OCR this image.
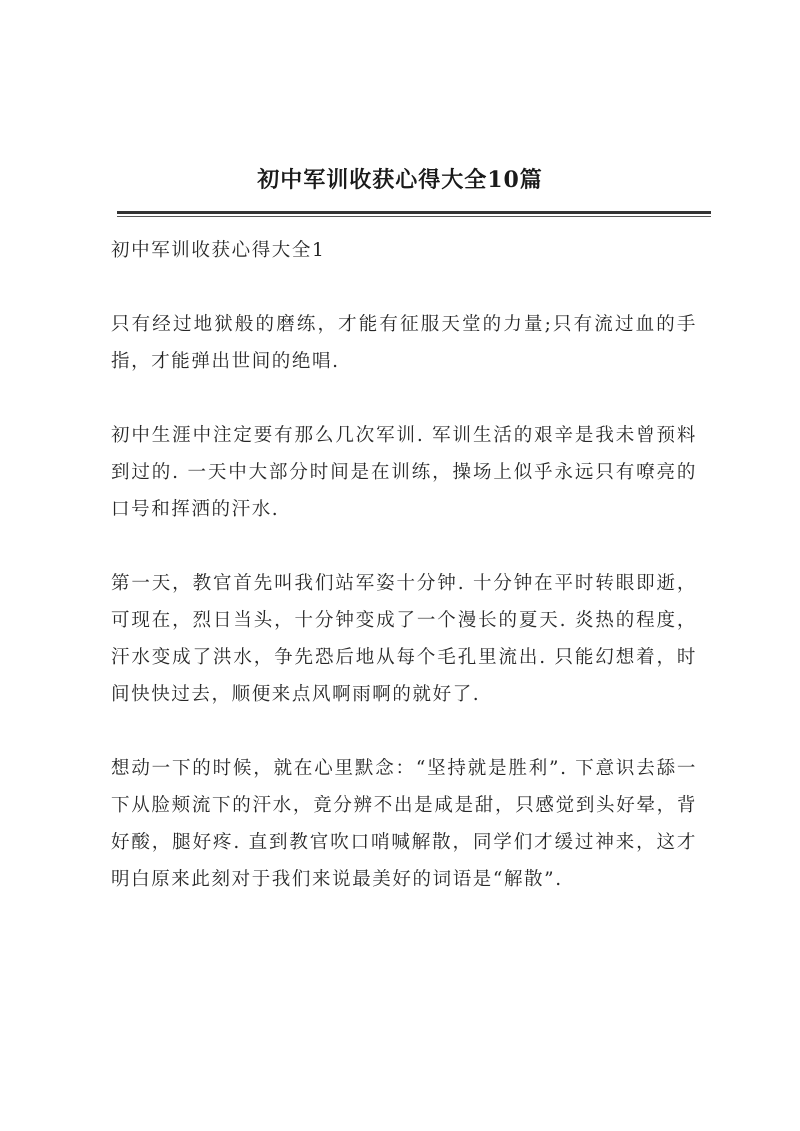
初中军训收获心得大全10篇

初中军训收获心得大全1

只有经过地狱般的磨练，才能有征服天堂的力量;只有流过血的手指，才能弹出世间的绝唱.

初中生涯中注定要有那么几次军训. 军训生活的艰辛是我未曾预料到过的. 一天中大部分时间是在训练，操场上似乎永远只有嘹亮的口号和挥洒的汗水.

第一天，教官首先叫我们站军姿十分钟. 十分钟在平时转眼即逝，可现在，烈日当头，十分钟变成了一个漫长的夏天. 炎热的程度，汗水变成了洪水，争先恐后地从每个毛孔里流出. 只能幻想着，时间快快过去，顺便来点风啊雨啊的就好了.

想动一下的时候，就在心里默念：“坚持就是胜利”. 下意识去舔一下从脸颊流下的汗水，竟分辨不出是咸是甜，只感觉到头好晕，背好酸，腿好疼. 直到教官吹口哨喊解散，同学们才缓过神来，这才明白原来此刻对于我们来说最美好的词语是“解散”.
